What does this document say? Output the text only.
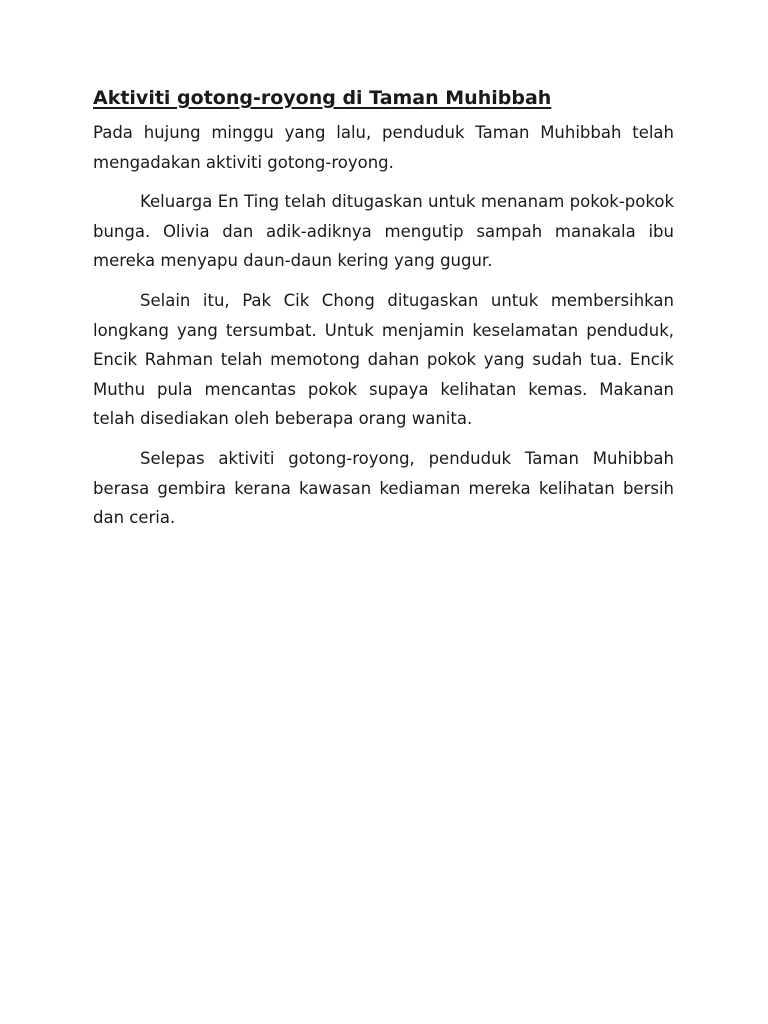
Aktiviti gotong-royong di Taman Muhibbah

Pada hujung minggu yang lalu, penduduk Taman Muhibbah telah mengadakan aktiviti gotong-royong.

Keluarga En Ting telah ditugaskan untuk menanam pokok-pokok bunga. Olivia dan adik-adiknya mengutip sampah manakala ibu mereka menyapu daun-daun kering yang gugur.

Selain itu, Pak Cik Chong ditugaskan untuk membersihkan longkang yang tersumbat. Untuk menjamin keselamatan penduduk, Encik Rahman telah memotong dahan pokok yang sudah tua. Encik Muthu pula mencantas pokok supaya kelihatan kemas. Makanan telah disediakan oleh beberapa orang wanita.

Selepas aktiviti gotong-royong, penduduk Taman Muhibbah berasa gembira kerana kawasan kediaman mereka kelihatan bersih dan ceria.
